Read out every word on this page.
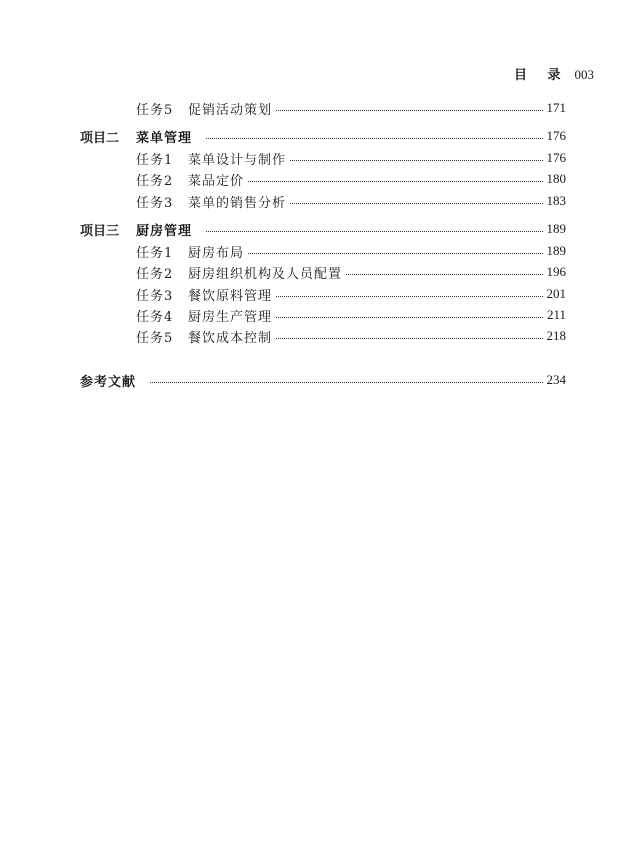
目 录 003
任务5	促销活动策划	171
项目二	菜单管理	176
任务1	菜单设计与制作	176
任务2	菜品定价	180
任务3	菜单的销售分析	183
项目三	厨房管理	189
任务1	厨房布局	189
任务2	厨房组织机构及人员配置	196
任务3	餐饮原料管理	201
任务4	厨房生产管理	211
任务5	餐饮成本控制	218
参考文献	234
